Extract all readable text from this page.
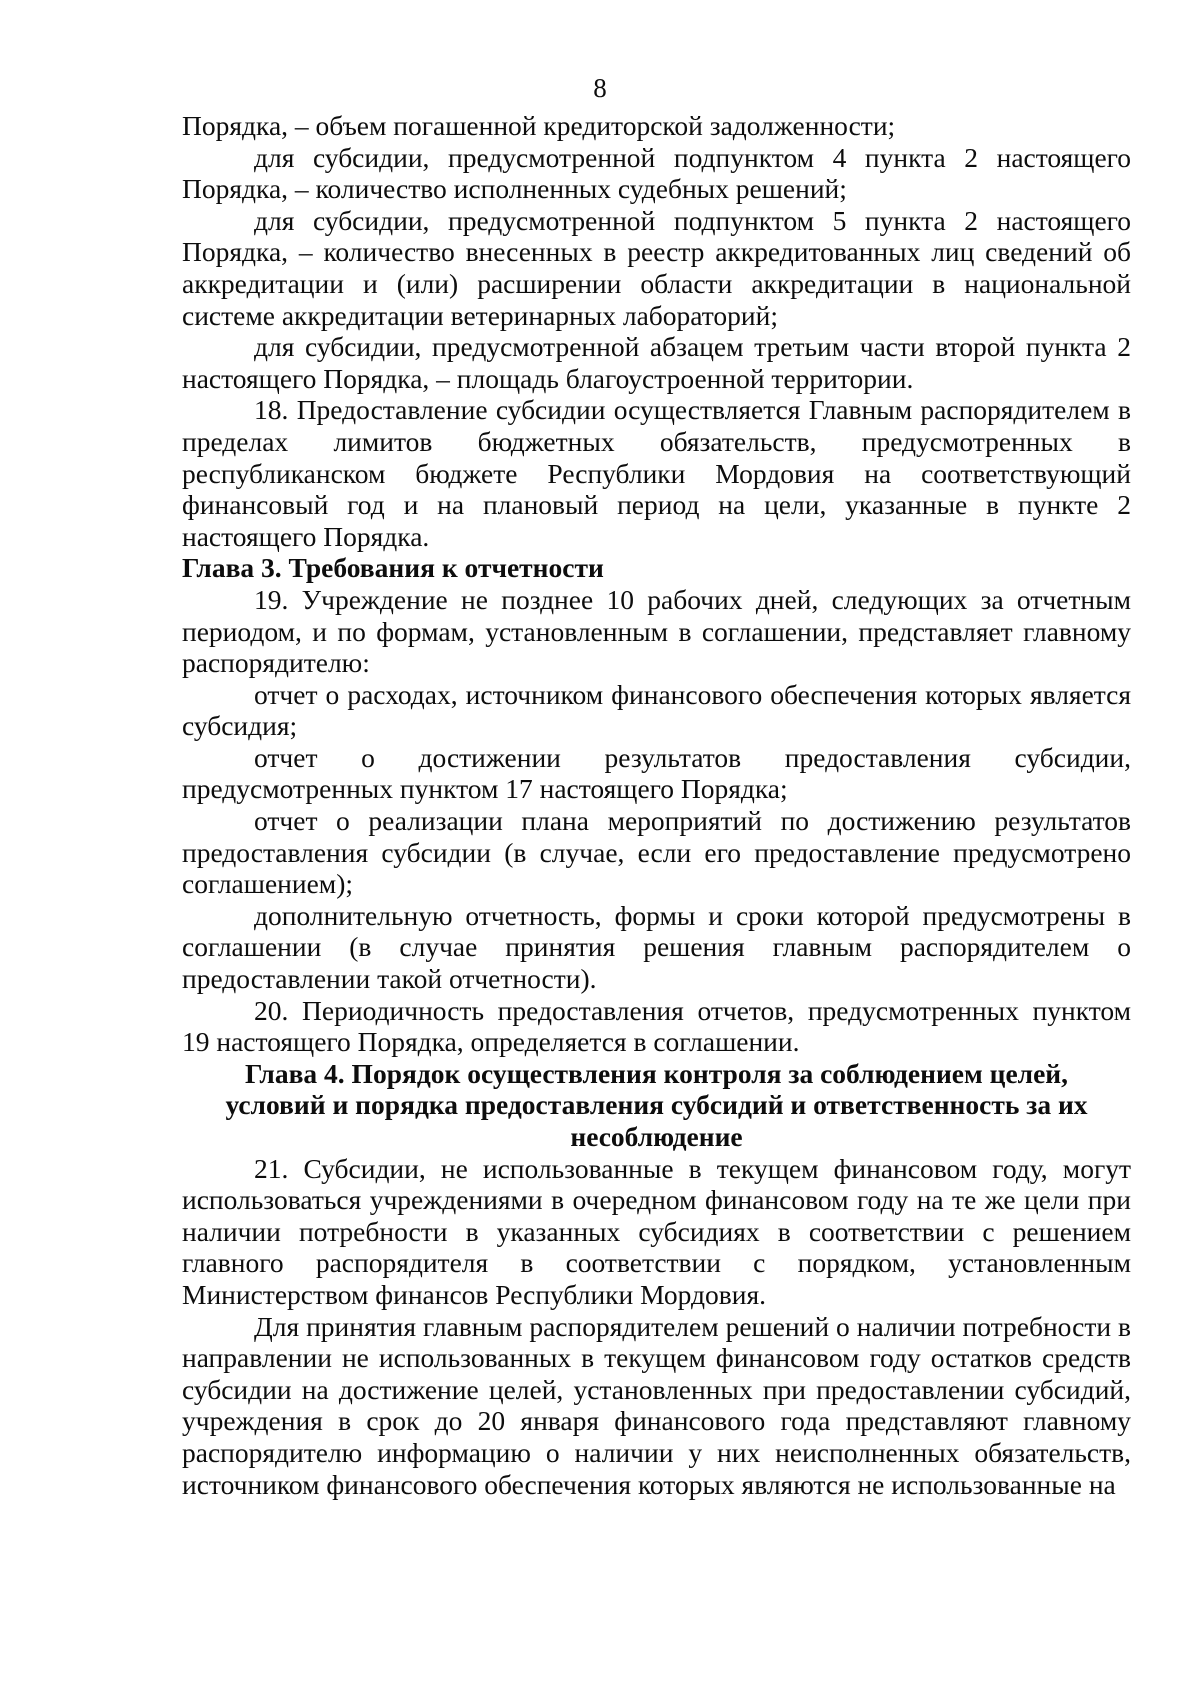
8

Порядка, – объем погашенной кредиторской задолженности;

для субсидии, предусмотренной подпунктом 4 пункта 2 настоящего Порядка, – количество исполненных судебных решений;

для субсидии, предусмотренной подпунктом 5 пункта 2 настоящего Порядка, – количество внесенных в реестр аккредитованных лиц сведений об аккредитации и (или) расширении области аккредитации в национальной системе аккредитации ветеринарных лабораторий;

для субсидии, предусмотренной абзацем третьим части второй пункта 2 настоящего Порядка, – площадь благоустроенной территории.

18. Предоставление субсидии осуществляется Главным распорядителем в пределах лимитов бюджетных обязательств, предусмотренных в республиканском бюджете Республики Мордовия на соответствующий финансовый год и на плановый период на цели, указанные в пункте 2 настоящего Порядка.

Глава 3. Требования к отчетности

19. Учреждение не позднее 10 рабочих дней, следующих за отчетным периодом, и по формам, установленным в соглашении, представляет главному распорядителю:

отчет о расходах, источником финансового обеспечения которых является субсидия;

отчет о достижении результатов предоставления субсидии, предусмотренных пунктом 17 настоящего Порядка;

отчет о реализации плана мероприятий по достижению результатов предоставления субсидии (в случае, если его предоставление предусмотрено соглашением);

дополнительную отчетность, формы и сроки которой предусмотрены в соглашении (в случае принятия решения главным распорядителем о предоставлении такой отчетности).

20. Периодичность предоставления отчетов, предусмотренных пунктом 19 настоящего Порядка, определяется в соглашении.

Глава 4. Порядок осуществления контроля за соблюдением целей,
условий и порядка предоставления субсидий и ответственность за их
несоблюдение

21. Субсидии, не использованные в текущем финансовом году, могут использоваться учреждениями в очередном финансовом году на те же цели при наличии потребности в указанных субсидиях в соответствии с решением главного распорядителя в соответствии с порядком, установленным Министерством финансов Республики Мордовия.

Для принятия главным распорядителем решений о наличии потребности в направлении не использованных в текущем финансовом году остатков средств субсидии на достижение целей, установленных при предоставлении субсидий, учреждения в срок до 20 января финансового года представляют главному распорядителю информацию о наличии у них неисполненных обязательств, источником финансового обеспечения которых являются не использованные на
